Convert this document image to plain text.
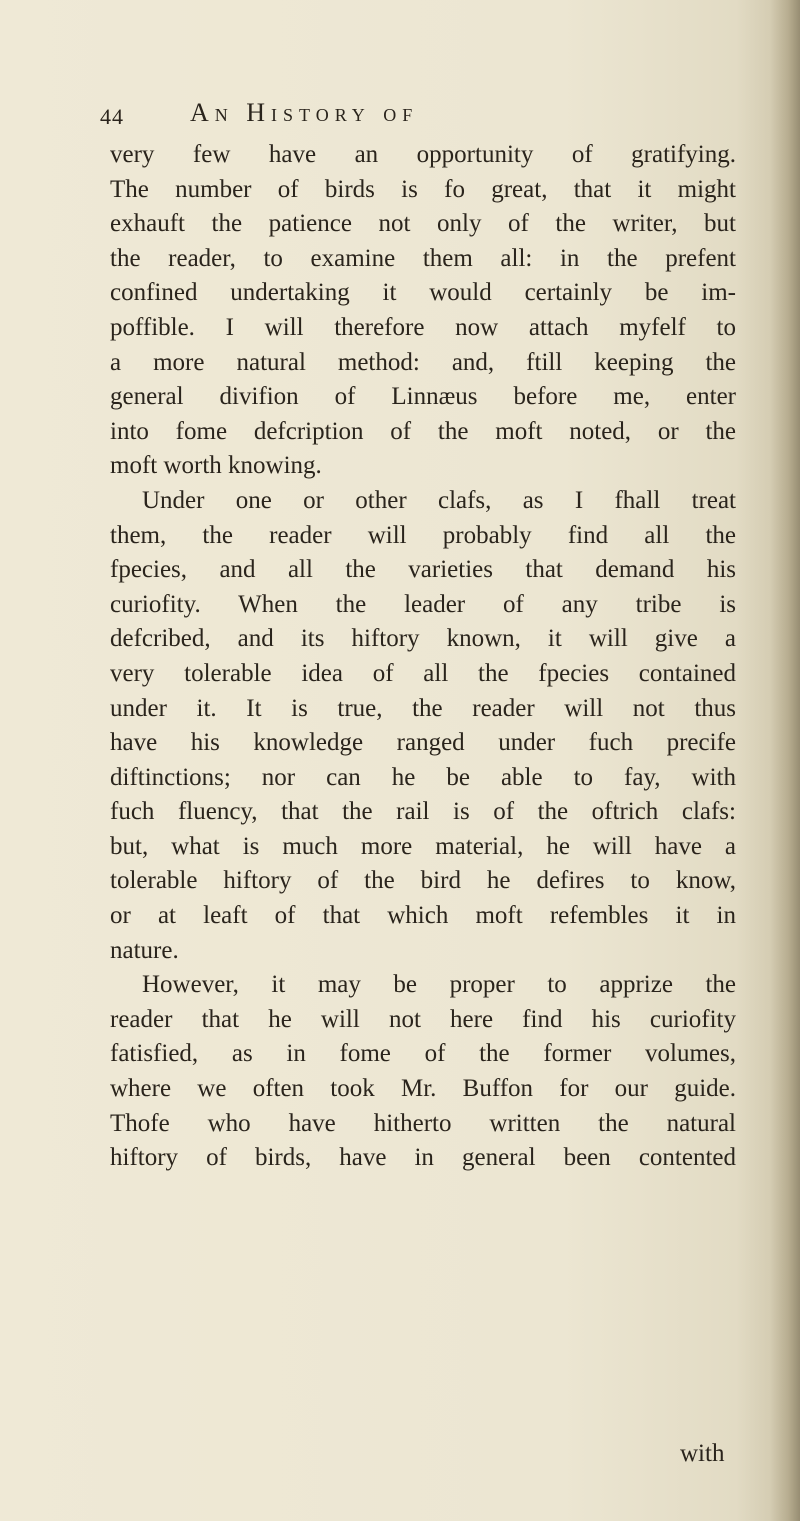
44	An History of
very few have an opportunity of gratifying.
The number of birds is fo great, that it might
exhauft the patience not only of the writer, but
the reader, to examine them all: in the prefent
confined undertaking it would certainly be im-
poffible. I will therefore now attach myfelf to
a more natural method: and, ftill keeping the
general divifion of Linnæus before me, enter
into fome defcription of the moft noted, or the
moft worth knowing.
Under one or other clafs, as I fhall treat
them, the reader will probably find all the
fpecies, and all the varieties that demand his
curiofity. When the leader of any tribe is
defcribed, and its hiftory known, it will give a
very tolerable idea of all the fpecies contained
under it. It is true, the reader will not thus
have his knowledge ranged under fuch precife
diftinctions; nor can he be able to fay, with
fuch fluency, that the rail is of the oftrich clafs:
but, what is much more material, he will have a
tolerable hiftory of the bird he defires to know,
or at leaft of that which moft refembles it in
nature.
However, it may be proper to apprize the
reader that he will not here find his curiofity
fatisfied, as in fome of the former volumes,
where we often took Mr. Buffon for our guide.
Thofe who have hitherto written the natural
hiftory of birds, have in general been contented
with
